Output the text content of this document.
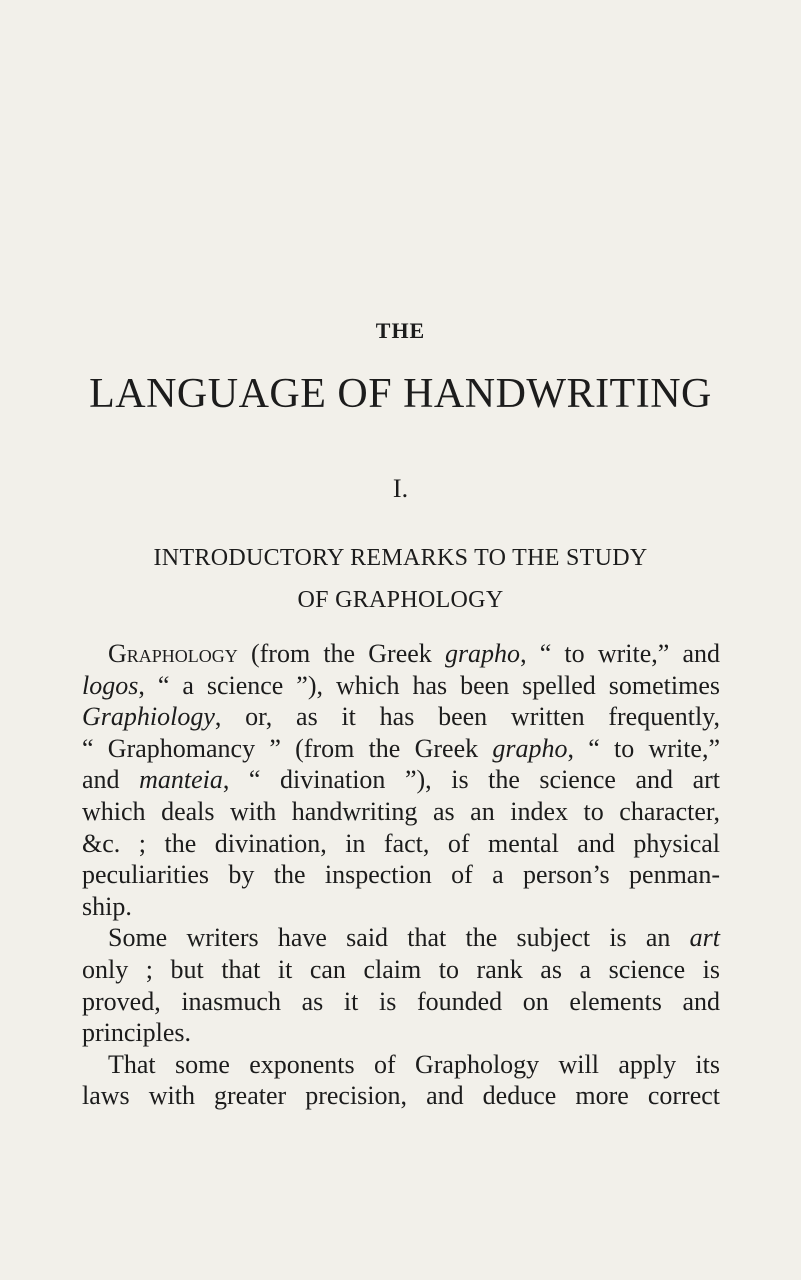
THE
LANGUAGE OF HANDWRITING
I.
INTRODUCTORY REMARKS TO THE STUDY
OF GRAPHOLOGY
Graphology (from the Greek grapho, “ to write,” and
logos, “ a science ”), which has been spelled sometimes
Graphiology, or, as it has been written frequently,
“ Graphomancy ” (from the Greek grapho, “ to write,”
and manteia, “ divination ”), is the science and art
which deals with handwriting as an index to character,
&c. ; the divination, in fact, of mental and physical
peculiarities by the inspection of a person’s penman-
ship.
Some writers have said that the subject is an art
only ; but that it can claim to rank as a science is
proved, inasmuch as it is founded on elements and
principles.
That some exponents of Graphology will apply its
laws with greater precision, and deduce more correct
